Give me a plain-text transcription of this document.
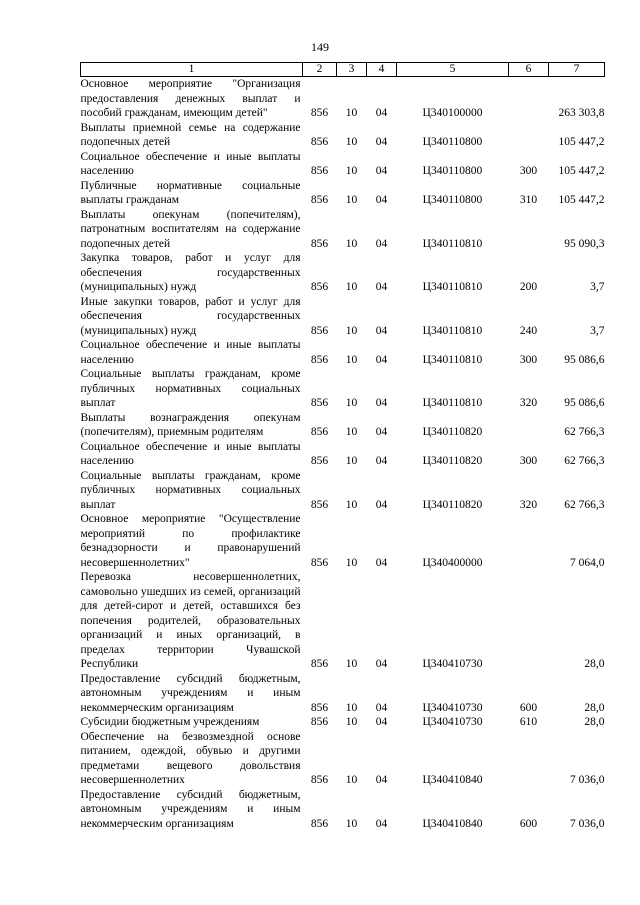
149
1	2	3	4	5	6	7
Основное мероприятие "Организация предоставления денежных выплат и пособий гражданам, имеющим детей"	856	10	04	Ц340100000		263 303,8
Выплаты приемной семье на содержание подопечных детей	856	10	04	Ц340110800		105 447,2
Социальное обеспечение и иные выплаты населению	856	10	04	Ц340110800	300	105 447,2
Публичные нормативные социальные выплаты гражданам	856	10	04	Ц340110800	310	105 447,2
Выплаты опекунам (попечителям), патронатным воспитателям на содержание подопечных детей	856	10	04	Ц340110810		95 090,3
Закупка товаров, работ и услуг для обеспечения государственных (муниципальных) нужд	856	10	04	Ц340110810	200	3,7
Иные закупки товаров, работ и услуг для обеспечения государственных (муниципальных) нужд	856	10	04	Ц340110810	240	3,7
Социальное обеспечение и иные выплаты населению	856	10	04	Ц340110810	300	95 086,6
Социальные выплаты гражданам, кроме публичных нормативных социальных выплат	856	10	04	Ц340110810	320	95 086,6
Выплаты вознаграждения опекунам (попечителям), приемным родителям	856	10	04	Ц340110820		62 766,3
Социальное обеспечение и иные выплаты населению	856	10	04	Ц340110820	300	62 766,3
Социальные выплаты гражданам, кроме публичных нормативных социальных выплат	856	10	04	Ц340110820	320	62 766,3
Основное мероприятие "Осуществление мероприятий по профилактике безнадзорности и правонарушений несовершеннолетних"	856	10	04	Ц340400000		7 064,0
Перевозка несовершеннолетних, самовольно ушедших из семей, организаций для детей-сирот и детей, оставшихся без попечения родителей, образовательных организаций и иных организаций, в пределах территории Чувашской Республики	856	10	04	Ц340410730		28,0
Предоставление субсидий бюджетным, автономным учреждениям и иным некоммерческим организациям	856	10	04	Ц340410730	600	28,0
Субсидии бюджетным учреждениям	856	10	04	Ц340410730	610	28,0
Обеспечение на безвозмездной основе питанием, одеждой, обувью и другими предметами вещевого довольствия несовершеннолетних	856	10	04	Ц340410840		7 036,0
Предоставление субсидий бюджетным, автономным учреждениям и иным некоммерческим организациям	856	10	04	Ц340410840	600	7 036,0
